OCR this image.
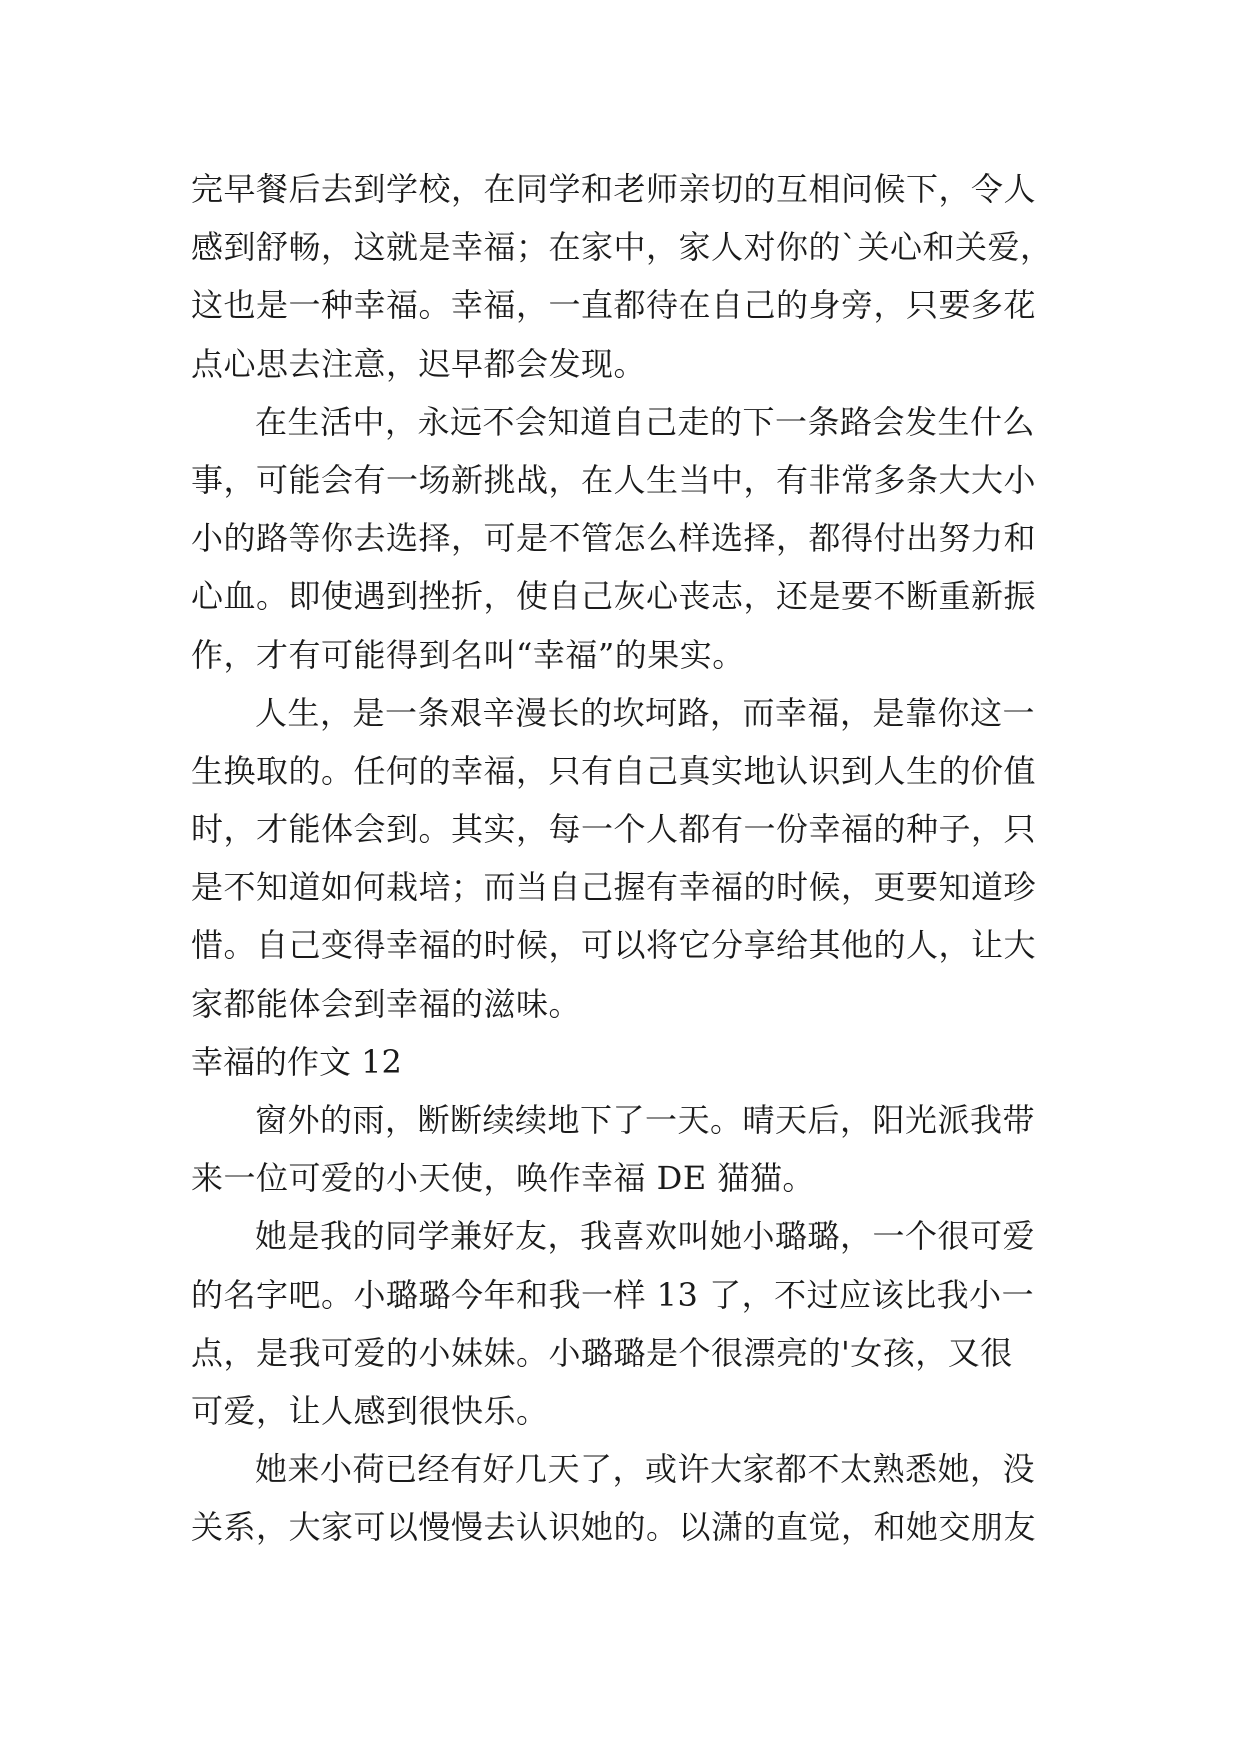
完早餐后去到学校，在同学和老师亲切的互相问候下，令人
感到舒畅，这就是幸福；在家中，家人对你的`关心和关爱，
这也是一种幸福。幸福，一直都待在自己的身旁，只要多花
点心思去注意，迟早都会发现。
在生活中，永远不会知道自己走的下一条路会发生什么
事，可能会有一场新挑战，在人生当中，有非常多条大大小
小的路等你去选择，可是不管怎么样选择，都得付出努力和
心血。即使遇到挫折，使自己灰心丧志，还是要不断重新振
作，才有可能得到名叫“幸福”的果实。
人生，是一条艰辛漫长的坎坷路，而幸福，是靠你这一
生换取的。任何的幸福，只有自己真实地认识到人生的价值
时，才能体会到。其实，每一个人都有一份幸福的种子，只
是不知道如何栽培；而当自己握有幸福的时候，更要知道珍
惜。自己变得幸福的时候，可以将它分享给其他的人，让大
家都能体会到幸福的滋味。
幸福的作文 12
窗外的雨，断断续续地下了一天。晴天后，阳光派我带
来一位可爱的小天使，唤作幸福 DE 猫猫。
她是我的同学兼好友，我喜欢叫她小璐璐，一个很可爱
的名字吧。小璐璐今年和我一样 13 了，不过应该比我小一
点，是我可爱的小妹妹。小璐璐是个很漂亮的'女孩，又很
可爱，让人感到很快乐。
她来小荷已经有好几天了，或许大家都不太熟悉她，没
关系，大家可以慢慢去认识她的。以潇的直觉，和她交朋友
